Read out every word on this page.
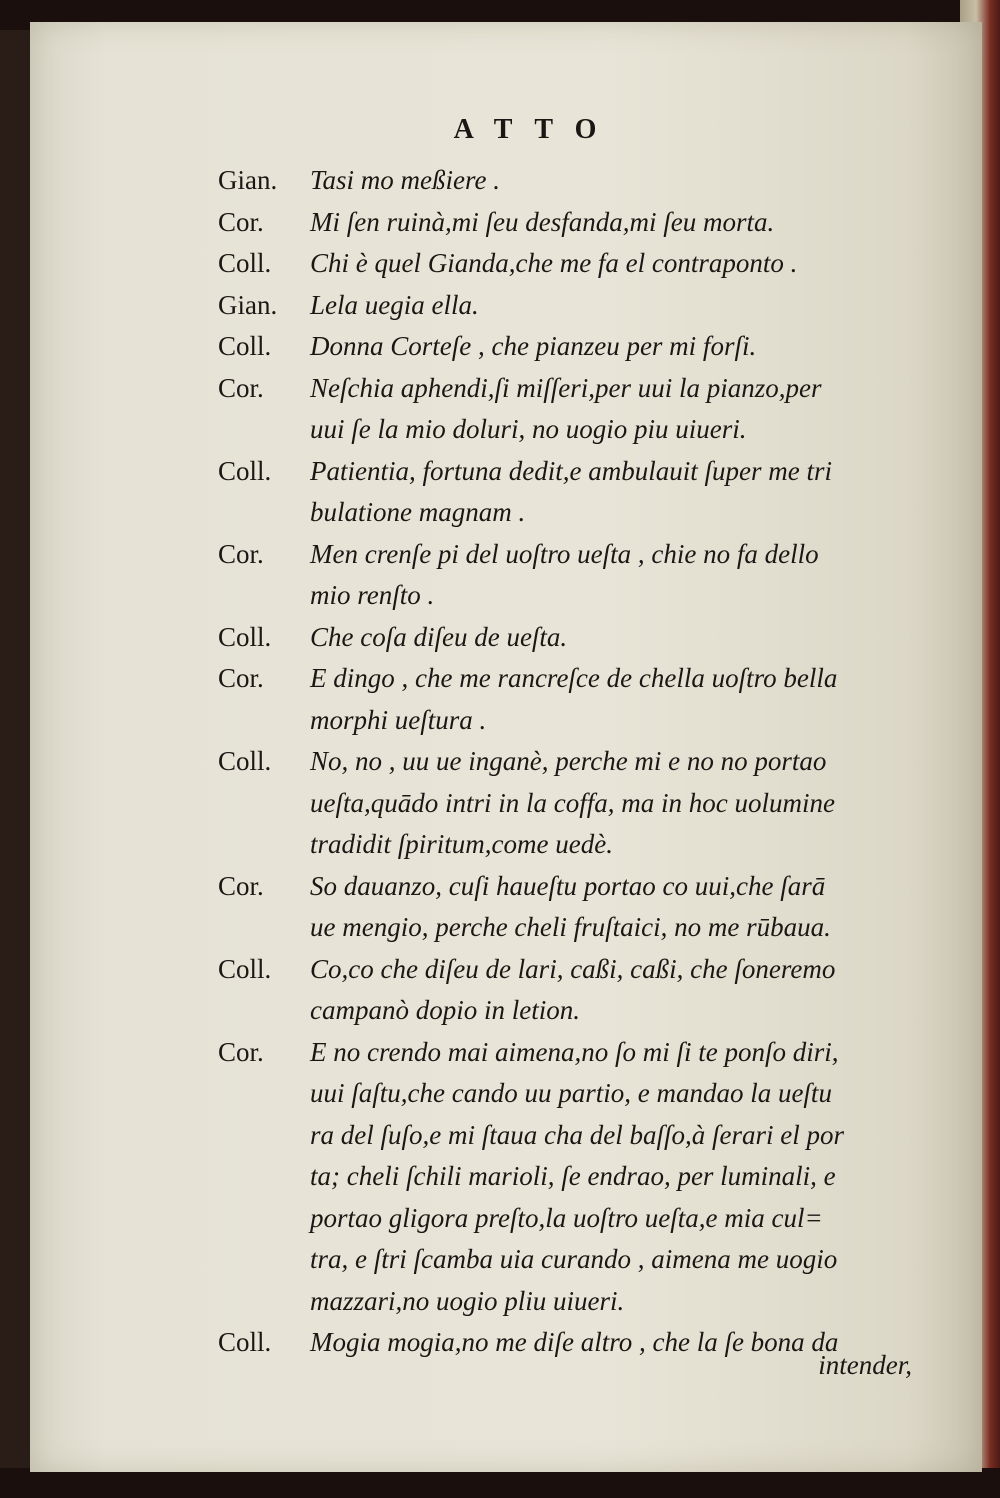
ATTO
Gian.	Tasi mo meßiere .
Cor.	Mi ſen ruinà,mi ſeu desfanda,mi ſeu morta.
Coll.	Chi è quel Gianda,che me fa el contraponto .
Gian.	Lela uegia ella.
Coll.	Donna Corteſe , che pianzeu per mi forſi.
Cor.	Neſchia aphendi,ſi miſſeri,per uui la pianzo,per
uui ſe la mio doluri, no uogio piu uiueri.
Coll.	Patientia, fortuna dedit,e ambulauit ſuper me tri
bulatione magnam .
Cor.	Men crenſe pi del uoſtro ueſta , chie no fa dello
mio renſto .
Coll.	Che coſa diſeu de ueſta.
Cor.	E dingo , che me rancreſce de chella uoſtro bella
morphi ueſtura .
Coll.	No, no , uu ue inganè, perche mi e no no portao
ueſta,quādo intri in la coffa, ma in hoc uolumine
tradidit ſpiritum,come uedè.
Cor.	So dauanzo, cuſi haueſtu portao co uui,che ſarā
ue mengio, perche cheli fruſtaici, no me rūbaua.
Coll.	Co,co che diſeu de lari, caßi, caßi, che ſoneremo
campanò dopio in letion.
Cor.	E no crendo mai aimena,no ſo mi ſi te ponſo diri,
uui ſaſtu,che cando uu partio, e mandao la ueſtu
ra del ſuſo,e mi ſtaua cha del baſſo,à ſerari el por
ta; cheli ſchili marioli, ſe endrao, per luminali, e
portao gligora preſto,la uoſtro ueſta,e mia cul=
tra, e ſtri ſcamba uia curando , aimena me uogio
mazzari,no uogio pliu uiueri.
Coll.	Mogia mogia,no me diſe altro , che la ſe bona da
intender,
